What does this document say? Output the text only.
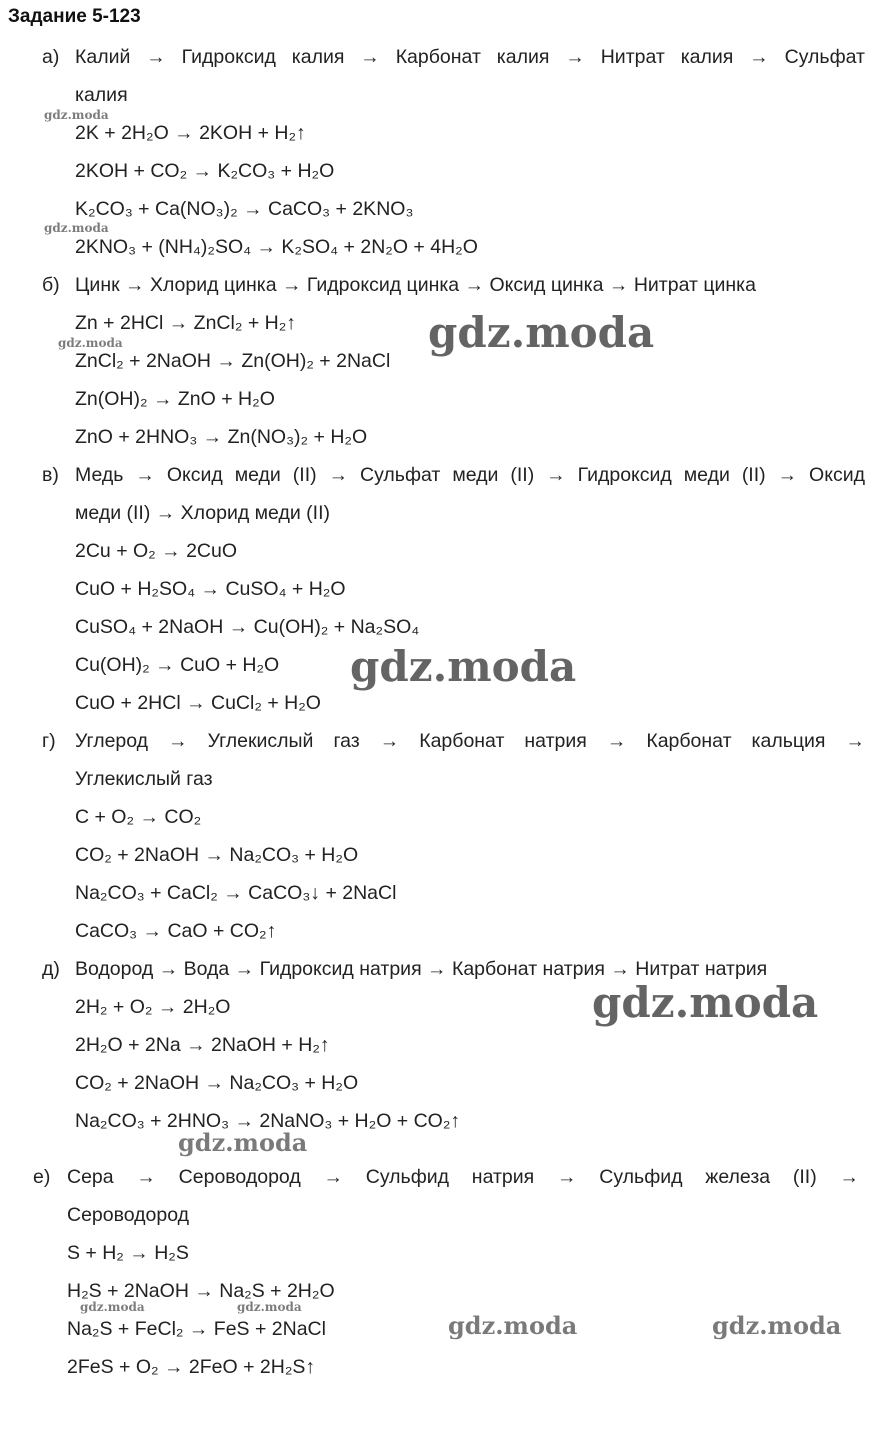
Задание 5-123
а) Калий → Гидроксид калия → Карбонат калия → Нитрат калия → Сульфат
калия
2K + 2H₂O → 2KOH + H₂↑
2KOH + CO₂ → K₂CO₃ + H₂O
K₂CO₃ + Ca(NO₃)₂ → CaCO₃ + 2KNO₃
2KNO₃ + (NH₄)₂SO₄ → K₂SO₄ + 2N₂O + 4H₂O
б) Цинк → Хлорид цинка → Гидроксид цинка → Оксид цинка → Нитрат цинка
Zn + 2HCl → ZnCl₂ + H₂↑
ZnCl₂ + 2NaOH → Zn(OH)₂ + 2NaCl
Zn(OH)₂ → ZnO + H₂O
ZnO + 2HNO₃ → Zn(NO₃)₂ + H₂O
в) Медь → Оксид меди (II) → Сульфат меди (II) → Гидроксид меди (II) → Оксид
меди (II) → Хлорид меди (II)
2Cu + O₂ → 2CuO
CuO + H₂SO₄ → CuSO₄ + H₂O
CuSO₄ + 2NaOH → Cu(OH)₂ + Na₂SO₄
Cu(OH)₂ → CuO + H₂O
CuO + 2HCl → CuCl₂ + H₂O
г) Углерод → Углекислый газ → Карбонат натрия → Карбонат кальция →
Углекислый газ
C + O₂ → CO₂
CO₂ + 2NaOH → Na₂CO₃ + H₂O
Na₂CO₃ + CaCl₂ → CaCO₃↓ + 2NaCl
CaCO₃ → CaO + CO₂↑
д) Водород → Вода → Гидроксид натрия → Карбонат натрия → Нитрат натрия
2H₂ + O₂ → 2H₂O
2H₂O + 2Na → 2NaOH + H₂↑
CO₂ + 2NaOH → Na₂CO₃ + H₂O
Na₂CO₃ + 2HNO₃ → 2NaNO₃ + H₂O + CO₂↑
е) Сера → Сероводород → Сульфид натрия → Сульфид железа (II) →
Сероводород
S + H₂ → H₂S
H₂S + 2NaOH → Na₂S + 2H₂O
Na₂S + FeCl₂ → FeS + 2NaCl
2FeS + O₂ → 2FeO + 2H₂S↑
gdz.moda
gdz.moda
gdz.moda	gdz.moda
gdz.moda
gdz.moda
gdz.moda
gdz.moda	gdz.moda
gdz.moda	gdz.moda
